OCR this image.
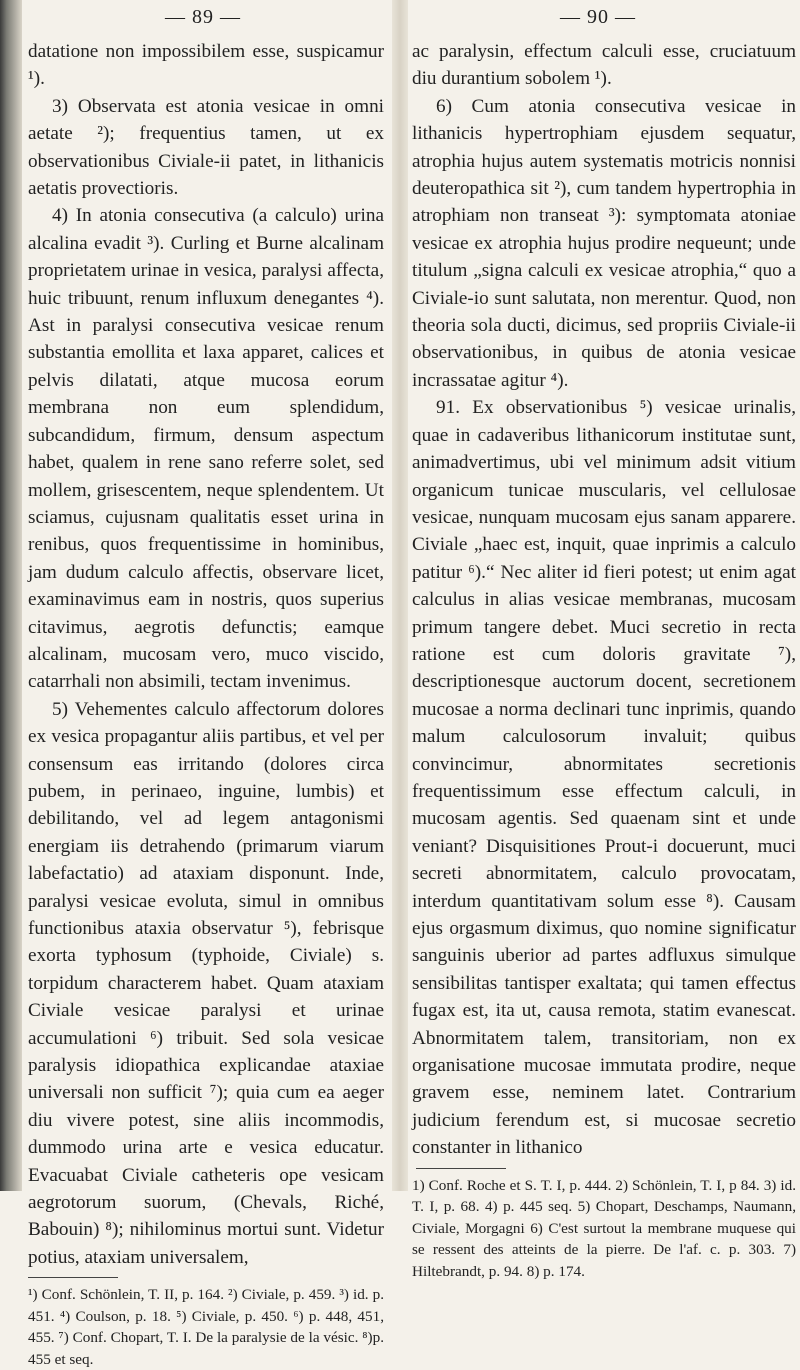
— 89 —

datatione non impossibilem esse, suspicamur ¹).

3) Observata est atonia vesicae in omni aetate ²); frequentius tamen, ut ex observationibus Civiale-ii patet, in lithanicis aetatis provectioris.

4) In atonia consecutiva (a calculo) urina alcalina evadit ³). Curling et Burne alcalinam proprietatem urinae in vesica, paralysi affecta, huic tribuunt, renum influxum denegantes ⁴). Ast in paralysi consecutiva vesicae renum substantia emollita et laxa apparet, calices et pelvis dilatati, atque mucosa eorum membrana non eum splendidum, subcandidum, firmum, densum aspectum habet, qualem in rene sano referre solet, sed mollem, grisescentem, neque splendentem. Ut sciamus, cujusnam qualitatis esset urina in renibus, quos frequentissime in hominibus, jam dudum calculo affectis, observare licet, examinavimus eam in nostris, quos superius citavimus, aegrotis defunctis; eamque alcalinam, mucosam vero, muco viscido, catarrhali non absimili, tectam invenimus.

5) Vehementes calculo affectorum dolores ex vesica propagantur aliis partibus, et vel per consensum eas irritando (dolores circa pubem, in perinaeo, inguine, lumbis) et debilitando, vel ad legem antagonismi energiam iis detrahendo (primarum viarum labefactatio) ad ataxiam disponunt. Inde, paralysi vesicae evoluta, simul in omnibus functionibus ataxia observatur ⁵), febrisque exorta typhosum (typhoide, Civiale) s. torpidum characterem habet. Quam ataxiam Civiale vesicae paralysi et urinae accumulationi ⁶) tribuit. Sed sola vesicae paralysis idiopathica explicandae ataxiae universali non sufficit ⁷); quia cum ea aeger diu vivere potest, sine aliis incommodis, dummodo urina arte e vesica educatur. Evacuabat Civiale catheteris ope vesicam aegrotorum suorum, (Chevals, Riché, Babouin) ⁸); nihilominus mortui sunt. Videtur potius, ataxiam universalem,

¹) Conf. Schönlein, T. II, p. 164. ²) Civiale, p. 459. ³) id. p. 451. ⁴) Coulson, p. 18. ⁵) Civiale, p. 450. ⁶) p. 448, 451, 455. ⁷) Conf. Chopart, T. I. De la paralysie de la vésic. ⁸)p. 455 et seq.
— 90 —

ac paralysin, effectum calculi esse, cruciatuum diu durantium sobolem ¹).

6) Cum atonia consecutiva vesicae in lithanicis hypertrophiam ejusdem sequatur, atrophia hujus autem systematis motricis nonnisi deuteropathica sit ²), cum tandem hypertrophia in atrophiam non transeat ³): symptomata atoniae vesicae ex atrophia hujus prodire nequeunt; unde titulum „signa calculi ex vesicae atrophia,“ quo a Civiale-io sunt salutata, non merentur. Quod, non theoria sola ducti, dicimus, sed propriis Civiale-ii observationibus, in quibus de atonia vesicae incrassatae agitur ⁴).

91. Ex observationibus ⁵) vesicae urinalis, quae in cadaveribus lithanicorum institutae sunt, animadvertimus, ubi vel minimum adsit vitium organicum tunicae muscularis, vel cellulosae vesicae, nunquam mucosam ejus sanam apparere. Civiale „haec est, inquit, quae inprimis a calculo patitur ⁶).“ Nec aliter id fieri potest; ut enim agat calculus in alias vesicae membranas, mucosam primum tangere debet. Muci secretio in recta ratione est cum doloris gravitate ⁷), descriptionesque auctorum docent, secretionem mucosae a norma declinari tunc inprimis, quando malum calculosorum invaluit; quibus convincimur, abnormitates secretionis frequentissimum esse effectum calculi, in mucosam agentis. Sed quaenam sint et unde veniant? Disquisitiones Prout-i docuerunt, muci secreti abnormitatem, calculo provocatam, interdum quantitativam solum esse ⁸). Causam ejus orgasmum diximus, quo nomine significatur sanguinis uberior ad partes adfluxus simulque sensibilitas tantisper exaltata; qui tamen effectus fugax est, ita ut, causa remota, statim evanescat. Abnormitatem talem, transitoriam, non ex organisatione mucosae immutata prodire, neque gravem esse, neminem latet. Contrarium judicium ferendum est, si mucosae secretio constanter in lithanico

1) Conf. Roche et S. T. I, p. 444. 2) Schönlein, T. I, p 84. 3) id. T. I, p. 68. 4) p. 445 seq. 5) Chopart, Deschamps, Naumann, Civiale, Morgagni 6) C'est surtout la membrane muquese qui se ressent des atteints de la pierre. De l'af. c. p. 303. 7) Hiltebrandt, p. 94. 8) p. 174.
